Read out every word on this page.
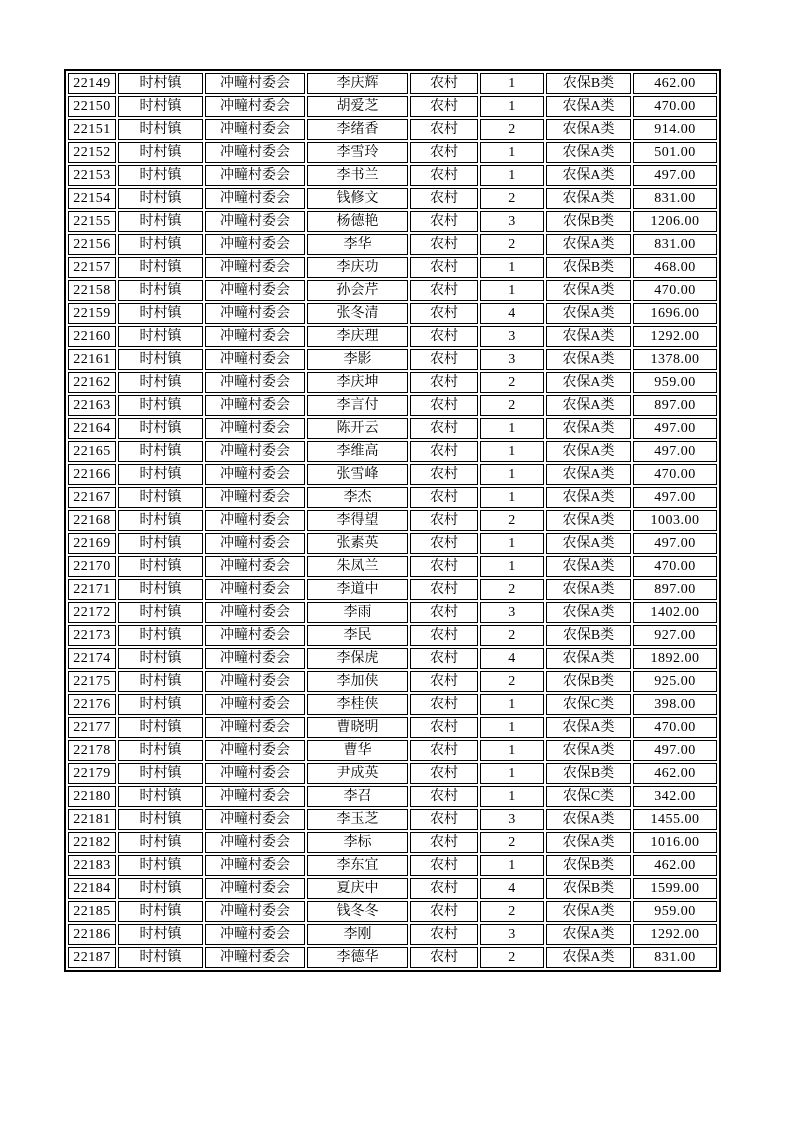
22149	时村镇	冲疃村委会	李庆辉	农村	1	农保B类	462.00
22150	时村镇	冲疃村委会	胡爱芝	农村	1	农保A类	470.00
22151	时村镇	冲疃村委会	李绪香	农村	2	农保A类	914.00
22152	时村镇	冲疃村委会	李雪玲	农村	1	农保A类	501.00
22153	时村镇	冲疃村委会	李书兰	农村	1	农保A类	497.00
22154	时村镇	冲疃村委会	钱修文	农村	2	农保A类	831.00
22155	时村镇	冲疃村委会	杨德艳	农村	3	农保B类	1206.00
22156	时村镇	冲疃村委会	李华	农村	2	农保A类	831.00
22157	时村镇	冲疃村委会	李庆功	农村	1	农保B类	468.00
22158	时村镇	冲疃村委会	孙会芹	农村	1	农保A类	470.00
22159	时村镇	冲疃村委会	张冬清	农村	4	农保A类	1696.00
22160	时村镇	冲疃村委会	李庆理	农村	3	农保A类	1292.00
22161	时村镇	冲疃村委会	李影	农村	3	农保A类	1378.00
22162	时村镇	冲疃村委会	李庆坤	农村	2	农保A类	959.00
22163	时村镇	冲疃村委会	李言付	农村	2	农保A类	897.00
22164	时村镇	冲疃村委会	陈开云	农村	1	农保A类	497.00
22165	时村镇	冲疃村委会	李维高	农村	1	农保A类	497.00
22166	时村镇	冲疃村委会	张雪峰	农村	1	农保A类	470.00
22167	时村镇	冲疃村委会	李杰	农村	1	农保A类	497.00
22168	时村镇	冲疃村委会	李得望	农村	2	农保A类	1003.00
22169	时村镇	冲疃村委会	张素英	农村	1	农保A类	497.00
22170	时村镇	冲疃村委会	朱凤兰	农村	1	农保A类	470.00
22171	时村镇	冲疃村委会	李道中	农村	2	农保A类	897.00
22172	时村镇	冲疃村委会	李雨	农村	3	农保A类	1402.00
22173	时村镇	冲疃村委会	李民	农村	2	农保B类	927.00
22174	时村镇	冲疃村委会	李保虎	农村	4	农保A类	1892.00
22175	时村镇	冲疃村委会	李加侠	农村	2	农保B类	925.00
22176	时村镇	冲疃村委会	李桂侠	农村	1	农保C类	398.00
22177	时村镇	冲疃村委会	曹晓明	农村	1	农保A类	470.00
22178	时村镇	冲疃村委会	曹华	农村	1	农保A类	497.00
22179	时村镇	冲疃村委会	尹成英	农村	1	农保B类	462.00
22180	时村镇	冲疃村委会	李召	农村	1	农保C类	342.00
22181	时村镇	冲疃村委会	李玉芝	农村	3	农保A类	1455.00
22182	时村镇	冲疃村委会	李标	农村	2	农保A类	1016.00
22183	时村镇	冲疃村委会	李东宜	农村	1	农保B类	462.00
22184	时村镇	冲疃村委会	夏庆中	农村	4	农保B类	1599.00
22185	时村镇	冲疃村委会	钱冬冬	农村	2	农保A类	959.00
22186	时村镇	冲疃村委会	李刚	农村	3	农保A类	1292.00
22187	时村镇	冲疃村委会	李德华	农村	2	农保A类	831.00
